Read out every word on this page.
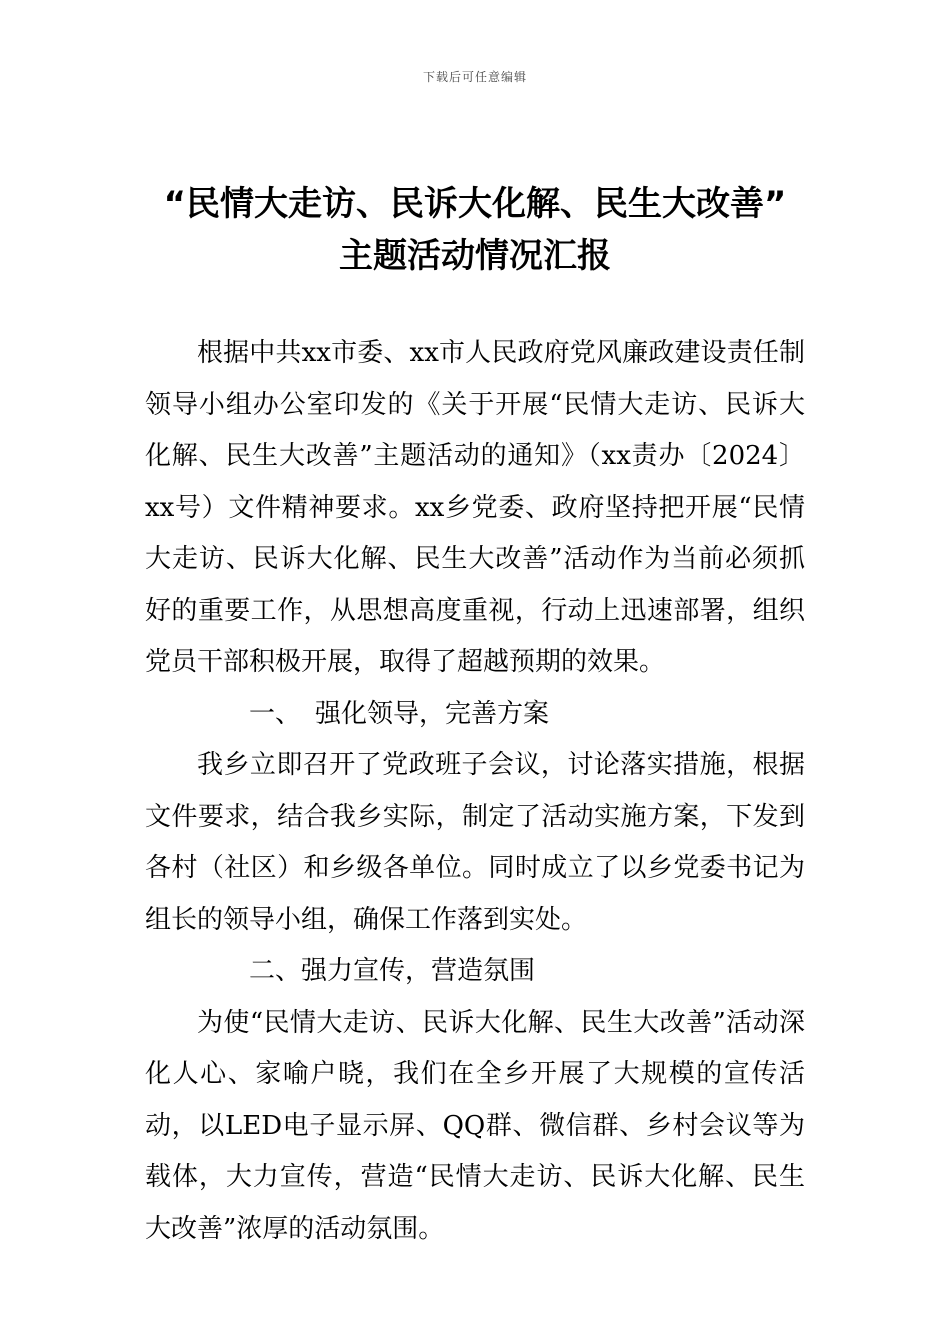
下载后可任意编辑
“民情大走访、民诉大化解、民生大改善”
主题活动情况汇报

根据中共xx市委、xx市人民政府党风廉政建设责任制领导小组办公室印发的《关于开展“民情大走访、民诉大化解、民生大改善”主题活动的通知》（xx责办〔2024〕xx号）文件精神要求。xx乡党委、政府坚持把开展“民情大走访、民诉大化解、民生大改善”活动作为当前必须抓好的重要工作，从思想高度重视，行动上迅速部署，组织党员干部积极开展，取得了超越预期的效果。

一、 强化领导，完善方案

我乡立即召开了党政班子会议，讨论落实措施，根据文件要求，结合我乡实际，制定了活动实施方案，下发到各村（社区）和乡级各单位。同时成立了以乡党委书记为组长的领导小组，确保工作落到实处。

二、强力宣传，营造氛围

为使“民情大走访、民诉大化解、民生大改善”活动深化人心、家喻户晓，我们在全乡开展了大规模的宣传活动，以LED电子显示屏、QQ群、微信群、乡村会议等为载体，大力宣传，营造“民情大走访、民诉大化解、民生大改善”浓厚的活动氛围。
